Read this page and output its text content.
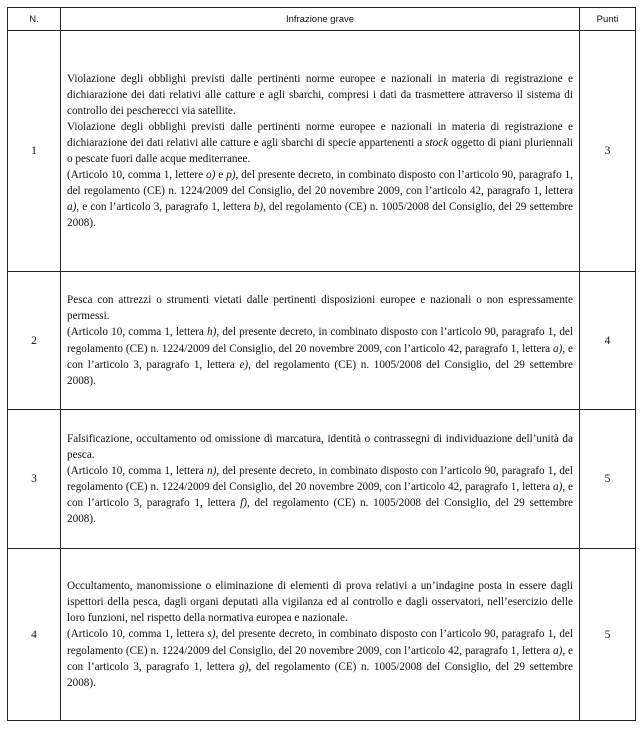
N.	Infrazione grave	Punti
1	Violazione degli obblighi previsti dalle pertinenti norme europee e nazionali in materia di registrazione e dichiarazione dei dati relativi alle catture e agli sbarchi, compresi i dati da trasmettere attraverso il sistema di controllo dei pescherecci via satellite.
Violazione degli obblighi previsti dalle pertinenti norme europee e nazionali in materia di registrazione e dichiarazione dei dati relativi alle catture e agli sbarchi di specie appartenenti a stock oggetto di piani pluriennali o pescate fuori dalle acque mediterranee.
(Articolo 10, comma 1, lettere o) e p), del presente decreto, in combinato disposto con l’articolo 90, paragrafo 1, del regolamento (CE) n. 1224/2009 del Consiglio, del 20 novembre 2009, con l’articolo 42, paragrafo 1, lettera a), e con l’articolo 3, paragrafo 1, lettera b), del regolamento (CE) n. 1005/2008 del Consiglio, del 29 settembre 2008).	3
2	Pesca con attrezzi o strumenti vietati dalle pertinenti disposizioni europee e nazionali o non espressamente permessi.
(Articolo 10, comma 1, lettera h), del presente decreto, in combinato disposto con l’articolo 90, paragrafo 1, del regolamento (CE) n. 1224/2009 del Consiglio, del 20 novembre 2009, con l’articolo 42, paragrafo 1, lettera a), e con l’articolo 3, paragrafo 1, lettera e), del regolamento (CE) n. 1005/2008 del Consiglio, del 29 settembre 2008).	4
3	Falsificazione, occultamento od omissione di marcatura, identità o contrassegni di individuazione dell’unità da pesca.
(Articolo 10, comma 1, lettera n), del presente decreto, in combinato disposto con l’articolo 90, paragrafo 1, del regolamento (CE) n. 1224/2009 del Consiglio, del 20 novembre 2009, con l’articolo 42, paragrafo 1, lettera a), e con l’articolo 3, paragrafo 1, lettera f), del regolamento (CE) n. 1005/2008 del Consiglio, del 29 settembre 2008).	5
4	Occultamento, manomissione o eliminazione di elementi di prova relativi a un’indagine posta in essere dagli ispettori della pesca, dagli organi deputati alla vigilanza ed al controllo e dagli osservatori, nell’esercizio delle loro funzioni, nel rispetto della normativa europea e nazionale.
(Articolo 10, comma 1, lettera s), del presente decreto, in combinato disposto con l’articolo 90, paragrafo 1, del regolamento (CE) n. 1224/2009 del Consiglio, del 20 novembre 2009, con l’articolo 42, paragrafo 1, lettera a), e con l’articolo 3, paragrafo 1, lettera g), del regolamento (CE) n. 1005/2008 del Consiglio, del 29 settembre 2008).	5
